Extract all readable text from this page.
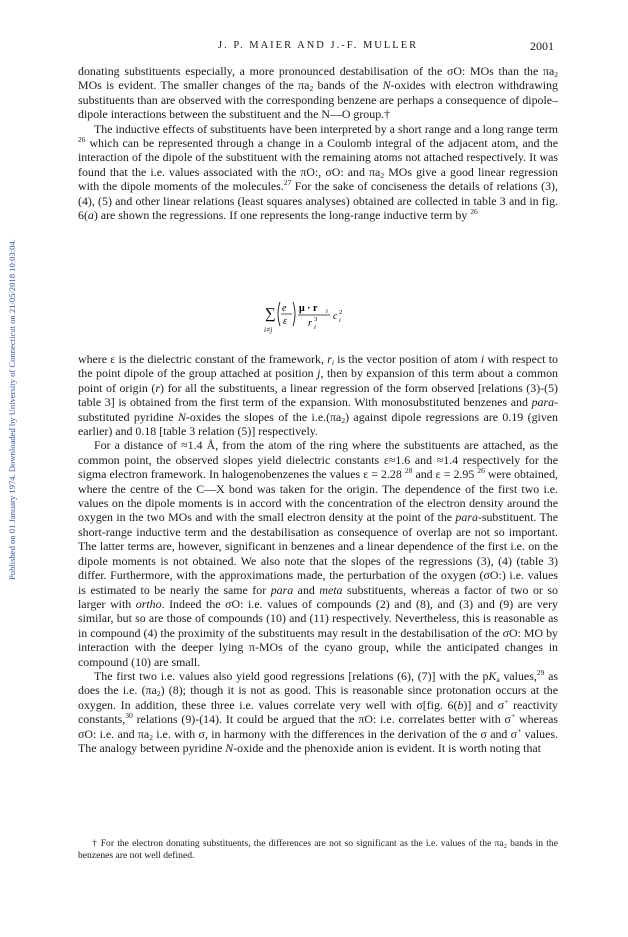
Published on 01 January 1974. Downloaded by University of Connecticut on 21/05/2018 10:03:04.
J. P. MAIER AND J.-F. MULLER	2001

donating substituents especially, a more pronounced destabilisation of the σO: MOs than the $\pi a_2$ MOs is evident. The smaller changes of the $\pi a_2$ bands of the N-oxides with electron withdrawing substituents than are observed with the corresponding benzene are perhaps a consequence of dipole–dipole interactions between the substituent and the N—O group.†

The inductive effects of substituents have been interpreted by a short range and a long range term $^{26}$ which can be represented through a change in a Coulomb integral of the adjacent atom, and the interaction of the dipole of the substituent with the remaining atoms not attached respectively. It was found that the i.e. values associated with the πO:, σO: and $\pi a_2$ MOs give a good linear regression with the dipole moments of the molecules.$^{27}$ For the sake of conciseness the details of relations (3), (4), (5) and other linear relations (least squares analyses) obtained are collected in table 3 and in fig. 6(a) are shown the regressions. If one represents the long-range inductive term by $^{26}$

∑
i≠j
e
ε
μ · r i
r 3
i
c 2
i

where ε is the dielectric constant of the framework, $r_i$ is the vector position of atom i with respect to the point dipole of the group attached at position j, then by expansion of this term about a common point of origin (r) for all the substituents, a linear regression of the form observed [relations (3)-(5) table 3] is obtained from the first term of the expansion. With monosubstituted benzenes and para-substituted pyridine N-oxides the slopes of the $i.e.(\pi a_2)$ against dipole regressions are 0.19 (given earlier) and 0.18 [table 3 relation (5)] respectively.

For a distance of ≈1.4 Å, from the atom of the ring where the substituents are attached, as the common point, the observed slopes yield dielectric constants ε≈1.6 and ≈1.4 respectively for the sigma electron framework. In halogenobenzenes the values ε = 2.28 $^{28}$ and ε = 2.95 $^{26}$ were obtained, where the centre of the C—X bond was taken for the origin. The dependence of the first two i.e. values on the dipole moments is in accord with the concentration of the electron density around the oxygen in the two MOs and with the small electron density at the point of the para-substituent. The short-range inductive term and the destabilisation as consequence of overlap are not so important. The latter terms are, however, significant in benzenes and a linear dependence of the first i.e. on the dipole moments is not obtained. We also note that the slopes of the regressions (3), (4) (table 3) differ. Furthermore, with the approximations made, the perturbation of the oxygen (σO:) i.e. values is estimated to be nearly the same for para and meta substituents, whereas a factor of two or so larger with ortho. Indeed the σO: i.e. values of compounds (2) and (8), and (3) and (9) are very similar, but so are those of compounds (10) and (11) respectively. Nevertheless, this is reasonable as in compound (4) the proximity of the substituents may result in the destabilisation of the σO: MO by interaction with the deeper lying π-MOs of the cyano group, while the anticipated changes in compound (10) are small.

The first two i.e. values also yield good regressions [relations (6), (7)] with the $pK_a$ values,$^{29}$ as does the i.e. $(\pi a_2)$ (8); though it is not as good. This is reasonable since protonation occurs at the oxygen. In addition, these three i.e. values correlate very well with σ[fig. 6(b)] and σ+ reactivity constants,$^{30}$ relations (9)-(14). It could be argued that the πO: i.e. correlates better with σ+ whereas σO: i.e. and $\pi a_2$ i.e. with σ, in harmony with the differences in the derivation of the σ and σ+ values. The analogy between pyridine N-oxide and the phenoxide anion is evident. It is worth noting that

† For the electron donating substituents, the differences are not so significant as the i.e. values of the πa₂ bands in the benzenes are not well defined.
